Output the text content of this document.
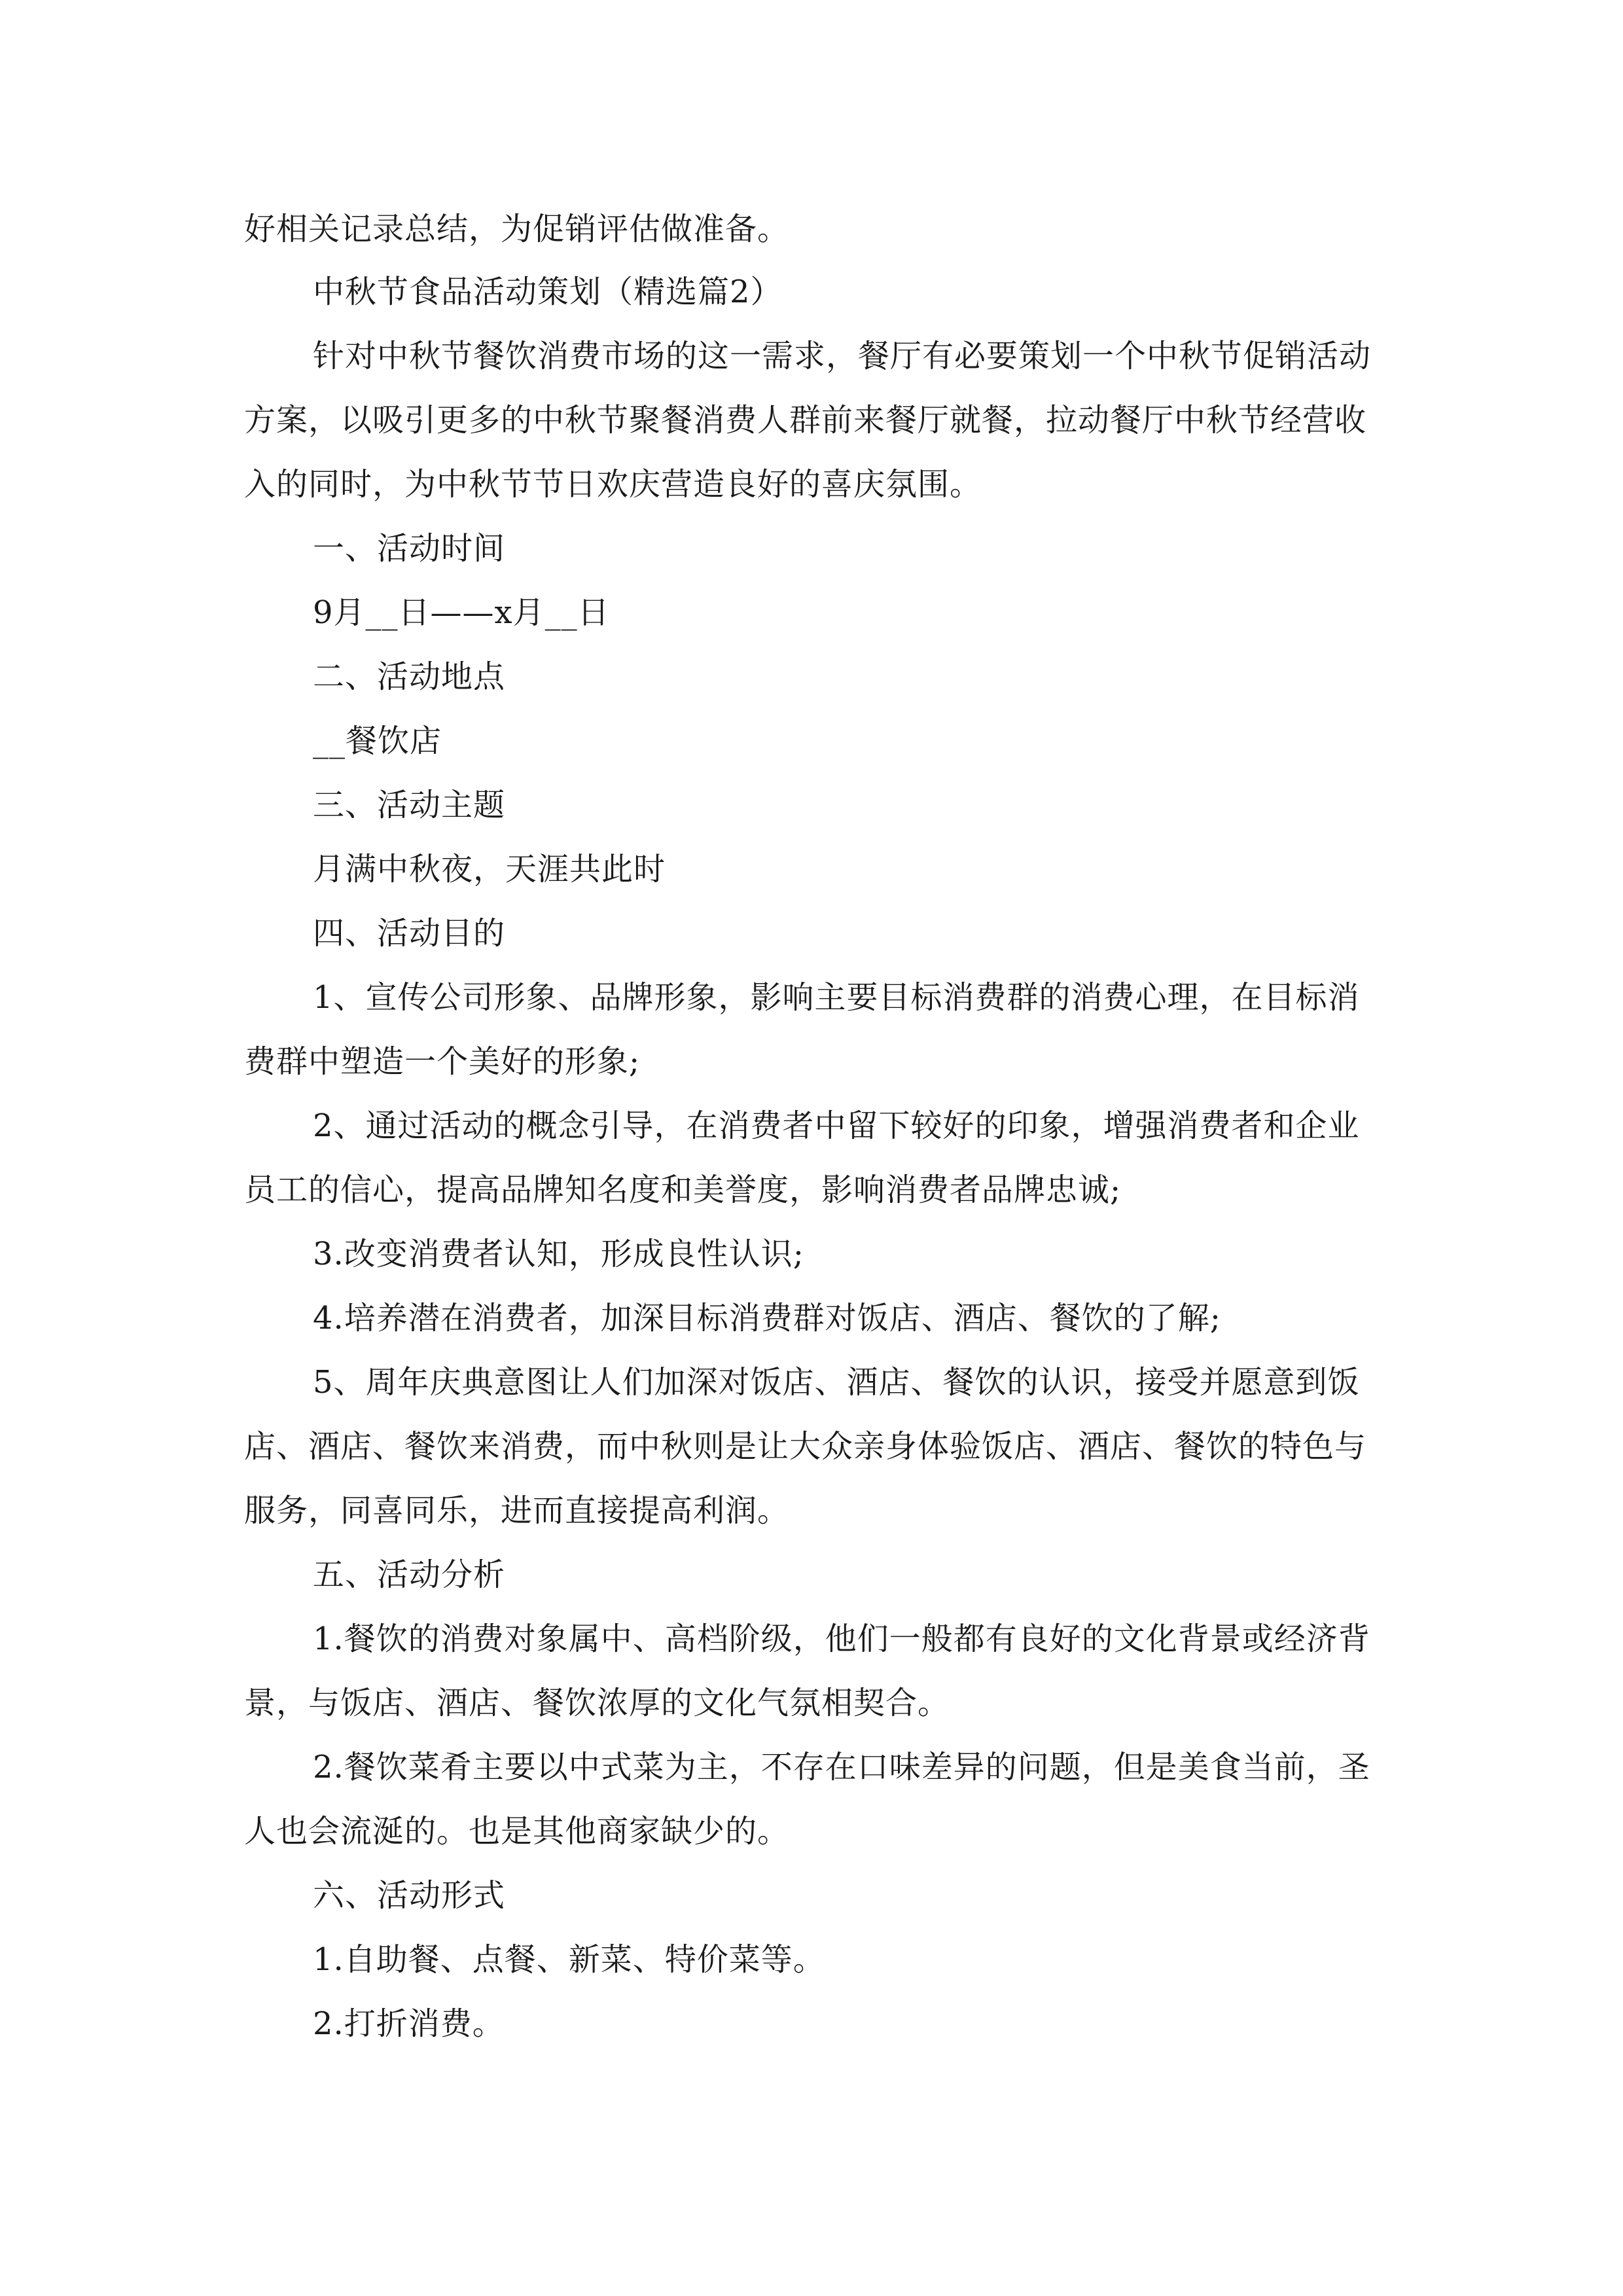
好相关记录总结，为促销评估做准备。
中秋节食品活动策划（精选篇2）
针对中秋节餐饮消费市场的这一需求，餐厅有必要策划一个中秋节促销活动
方案，以吸引更多的中秋节聚餐消费人群前来餐厅就餐，拉动餐厅中秋节经营收
入的同时，为中秋节节日欢庆营造良好的喜庆氛围。
一、活动时间
9月__日——x月__日
二、活动地点
__餐饮店
三、活动主题
月满中秋夜，天涯共此时
四、活动目的
1、宣传公司形象、品牌形象，影响主要目标消费群的消费心理，在目标消
费群中塑造一个美好的形象;
2、通过活动的概念引导，在消费者中留下较好的印象，增强消费者和企业
员工的信心，提高品牌知名度和美誉度，影响消费者品牌忠诚;
3.改变消费者认知，形成良性认识;
4.培养潜在消费者，加深目标消费群对饭店、酒店、餐饮的了解;
5、周年庆典意图让人们加深对饭店、酒店、餐饮的认识，接受并愿意到饭
店、酒店、餐饮来消费，而中秋则是让大众亲身体验饭店、酒店、餐饮的特色与
服务，同喜同乐，进而直接提高利润。
五、活动分析
1.餐饮的消费对象属中、高档阶级，他们一般都有良好的文化背景或经济背
景，与饭店、酒店、餐饮浓厚的文化气氛相契合。
2.餐饮菜肴主要以中式菜为主，不存在口味差异的问题，但是美食当前，圣
人也会流涎的。也是其他商家缺少的。
六、活动形式
1.自助餐、点餐、新菜、特价菜等。
2.打折消费。
